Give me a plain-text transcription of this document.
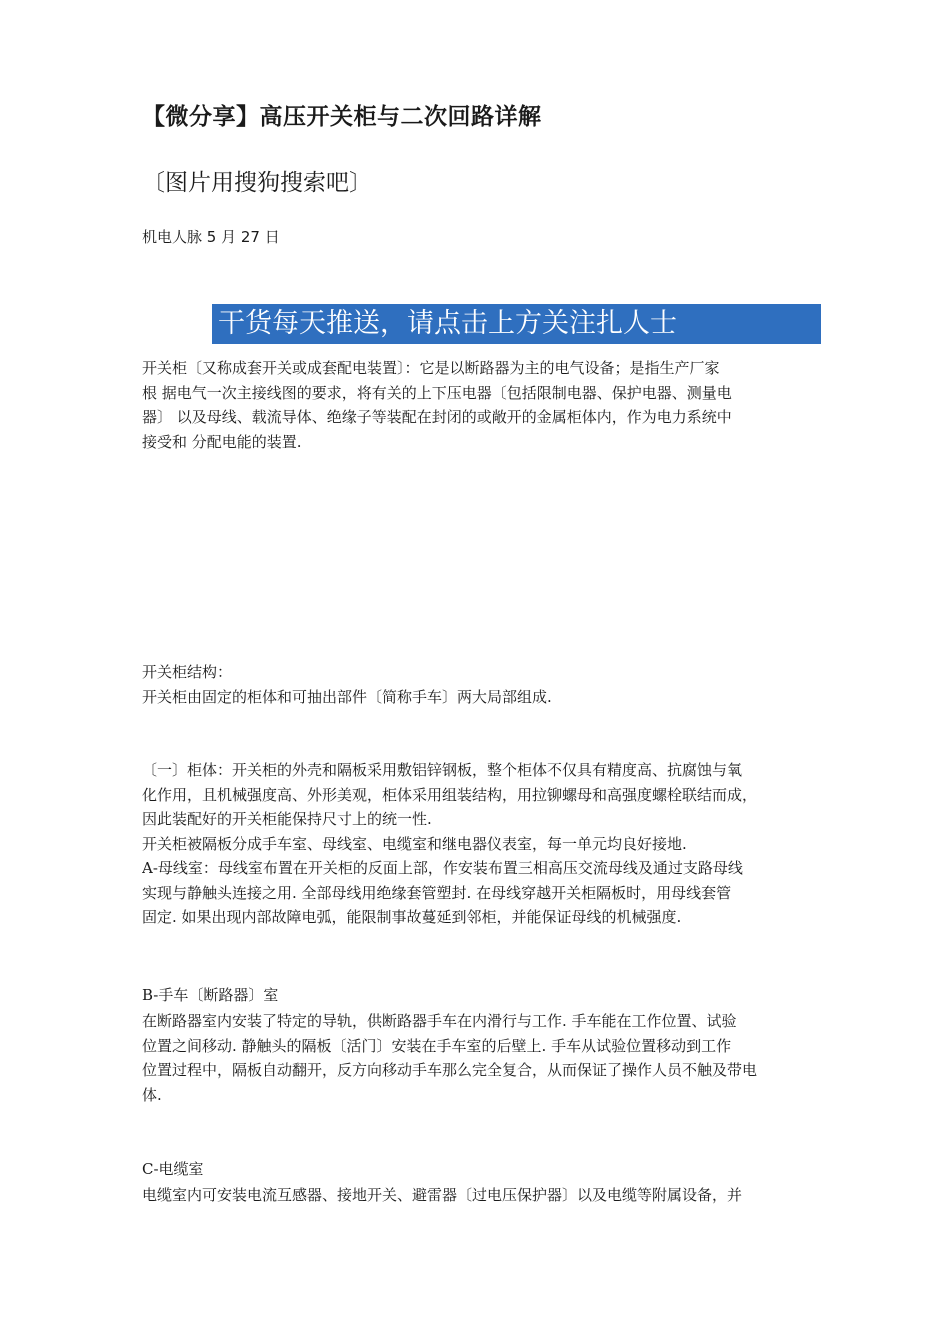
【微分享】高压开关柜与二次回路详解
〔图片用搜狗搜索吧〕
机电人脉 5 月 27 日
干货每天推送，请点击上方关注扎人士
开关柜〔又称成套开关或成套配电装置〕：它是以断路器为主的电气设备；是指生产厂家
根 据电气一次主接线图的要求，将有关的上下压电器〔包括限制电器、保护电器、测量电
器〕 以及母线、载流导体、绝缘子等装配在封闭的或敞开的金属柜体内，作为电力系统中
接受和 分配电能的装置.
开关柜结构：
开关柜由固定的柜体和可抽出部件〔简称手车〕两大局部组成.
〔一〕柜体：开关柜的外壳和隔板采用敷铝锌钢板，整个柜体不仅具有精度高、抗腐蚀与氧
化作用，且机械强度高、外形美观，柜体采用组装结构，用拉铆螺母和高强度螺栓联结而成，
因此装配好的开关柜能保持尺寸上的统一性.
开关柜被隔板分成手车室、母线室、电缆室和继电器仪表室，每一单元均良好接地.
A-母线室：母线室布置在开关柜的反面上部，作安装布置三相高压交流母线及通过支路母线
实现与静触头连接之用. 全部母线用绝缘套管塑封. 在母线穿越开关柜隔板时，用母线套管
固定. 如果出现内部故障电弧，能限制事故蔓延到邻柜，并能保证母线的机械强度.
B-手车〔断路器〕室
在断路器室内安装了特定的导轨，供断路器手车在内滑行与工作. 手车能在工作位置、试验
位置之间移动. 静触头的隔板〔活门〕安装在手车室的后壁上. 手车从试验位置移动到工作
位置过程中，隔板自动翻开，反方向移动手车那么完全复合，从而保证了操作人员不触及带电
体.
C-电缆室
电缆室内可安装电流互感器、接地开关、避雷器〔过电压保护器〕以及电缆等附属设备，并
